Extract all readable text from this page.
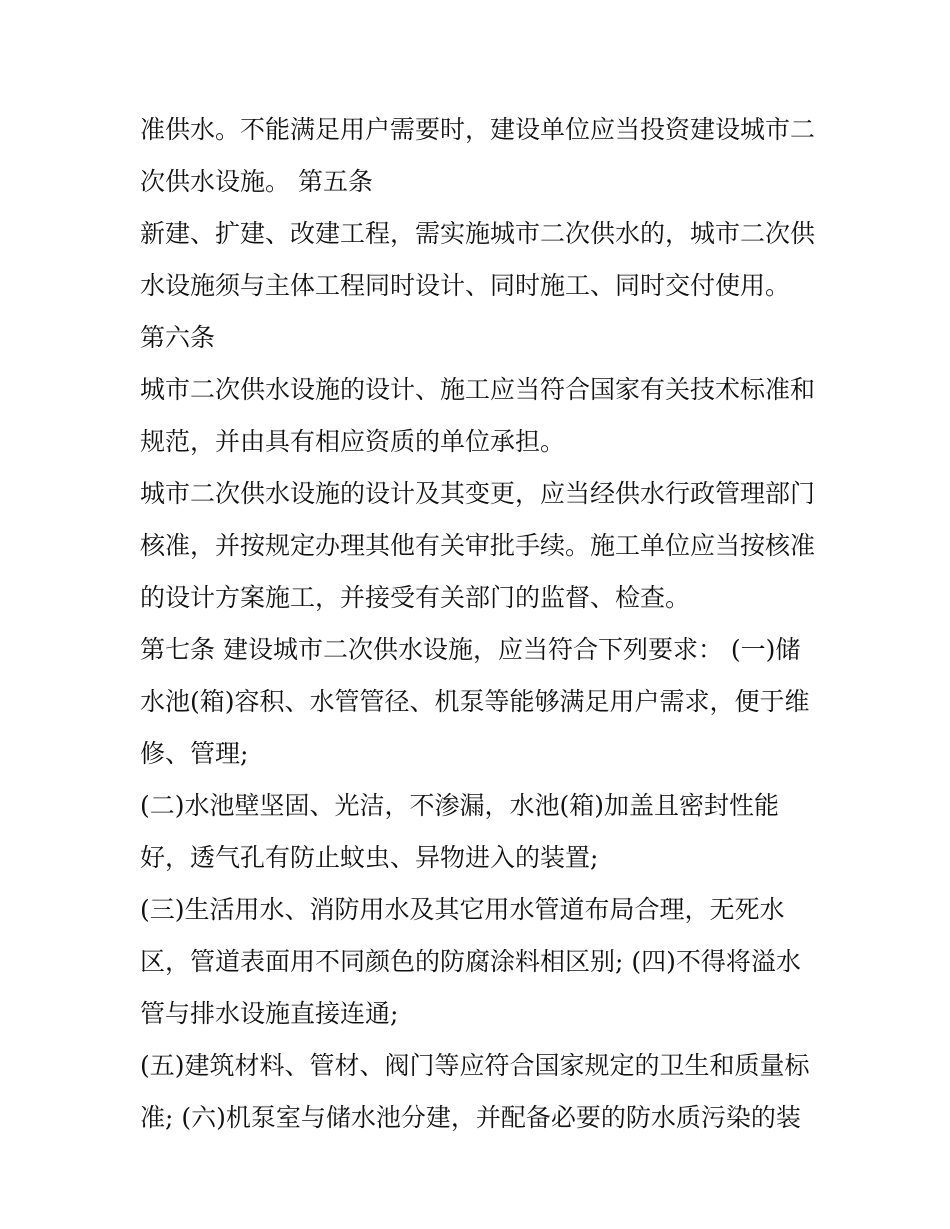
准供水。不能满足用户需要时，建设单位应当投资建设城市二
次供水设施。 第五条
新建、扩建、改建工程，需实施城市二次供水的，城市二次供
水设施须与主体工程同时设计、同时施工、同时交付使用。
第六条
城市二次供水设施的设计、施工应当符合国家有关技术标准和
规范，并由具有相应资质的单位承担。
城市二次供水设施的设计及其变更，应当经供水行政管理部门
核准，并按规定办理其他有关审批手续。施工单位应当按核准
的设计方案施工，并接受有关部门的监督、检查。
第七条 建设城市二次供水设施，应当符合下列要求： (一)储
水池(箱)容积、水管管径、机泵等能够满足用户需求，便于维
修、管理;
(二)水池壁坚固、光洁，不渗漏，水池(箱)加盖且密封性能
好，透气孔有防止蚊虫、异物进入的装置;
(三)生活用水、消防用水及其它用水管道布局合理，无死水
区，管道表面用不同颜色的防腐涂料相区别; (四)不得将溢水
管与排水设施直接连通;
(五)建筑材料、管材、阀门等应符合国家规定的卫生和质量标
准; (六)机泵室与储水池分建，并配备必要的防水质污染的装
